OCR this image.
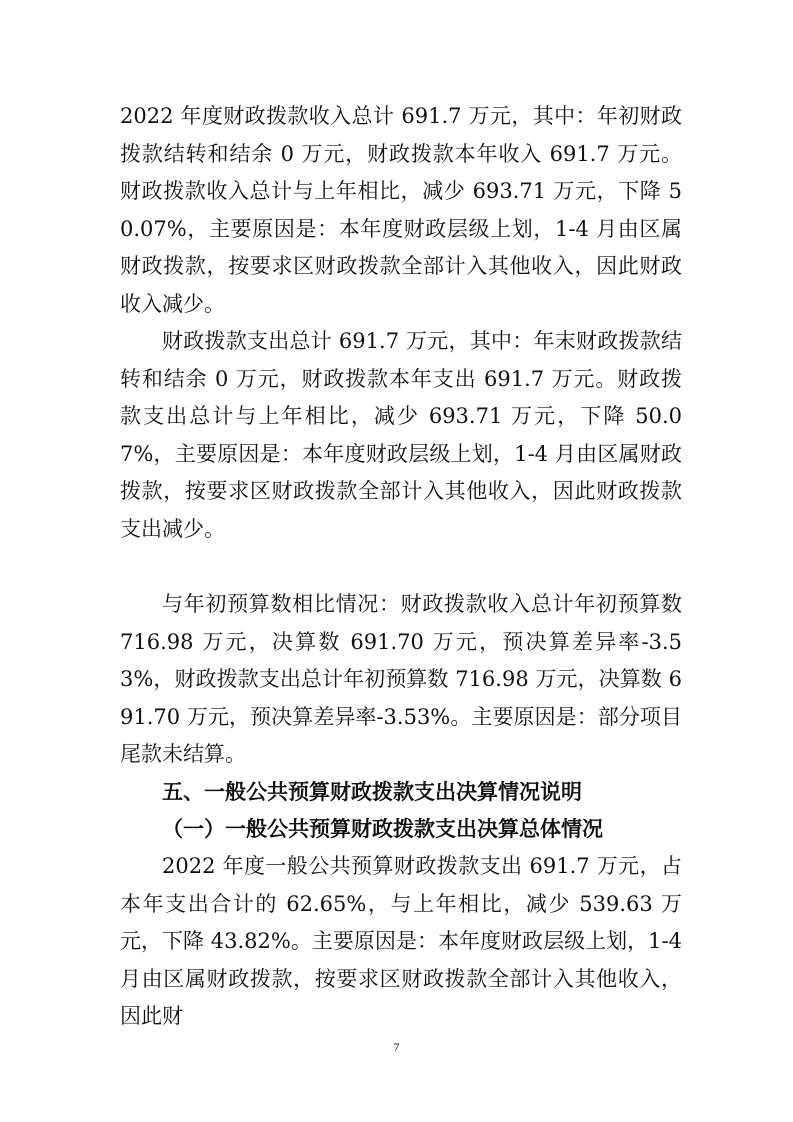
2022 年度财政拨款收入总计 691.7 万元，其中：年初财政拨款结转和结余 0 万元，财政拨款本年收入 691.7 万元。财政拨款收入总计与上年相比，减少 693.71 万元，下降 50.07%，主要原因是：本年度财政层级上划，1-4 月由区属财政拨款，按要求区财政拨款全部计入其他收入，因此财政收入减少。

财政拨款支出总计 691.7 万元，其中：年末财政拨款结转和结余 0 万元，财政拨款本年支出 691.7 万元。财政拨款支出总计与上年相比，减少 693.71 万元，下降 50.07%，主要原因是：本年度财政层级上划，1-4 月由区属财政拨款，按要求区财政拨款全部计入其他收入，因此财政拨款支出减少。

与年初预算数相比情况：财政拨款收入总计年初预算数 716.98 万元，决算数 691.70 万元，预决算差异率-3.53%，财政拨款支出总计年初预算数 716.98 万元，决算数 691.70 万元，预决算差异率-3.53%。主要原因是：部分项目尾款未结算。

五、一般公共预算财政拨款支出决算情况说明
（一）一般公共预算财政拨款支出决算总体情况

2022 年度一般公共预算财政拨款支出 691.7 万元，占本年支出合计的 62.65%，与上年相比，减少 539.63 万元，下降 43.82%。主要原因是：本年度财政层级上划，1-4 月由区属财政拨款，按要求区财政拨款全部计入其他收入，因此财

7
